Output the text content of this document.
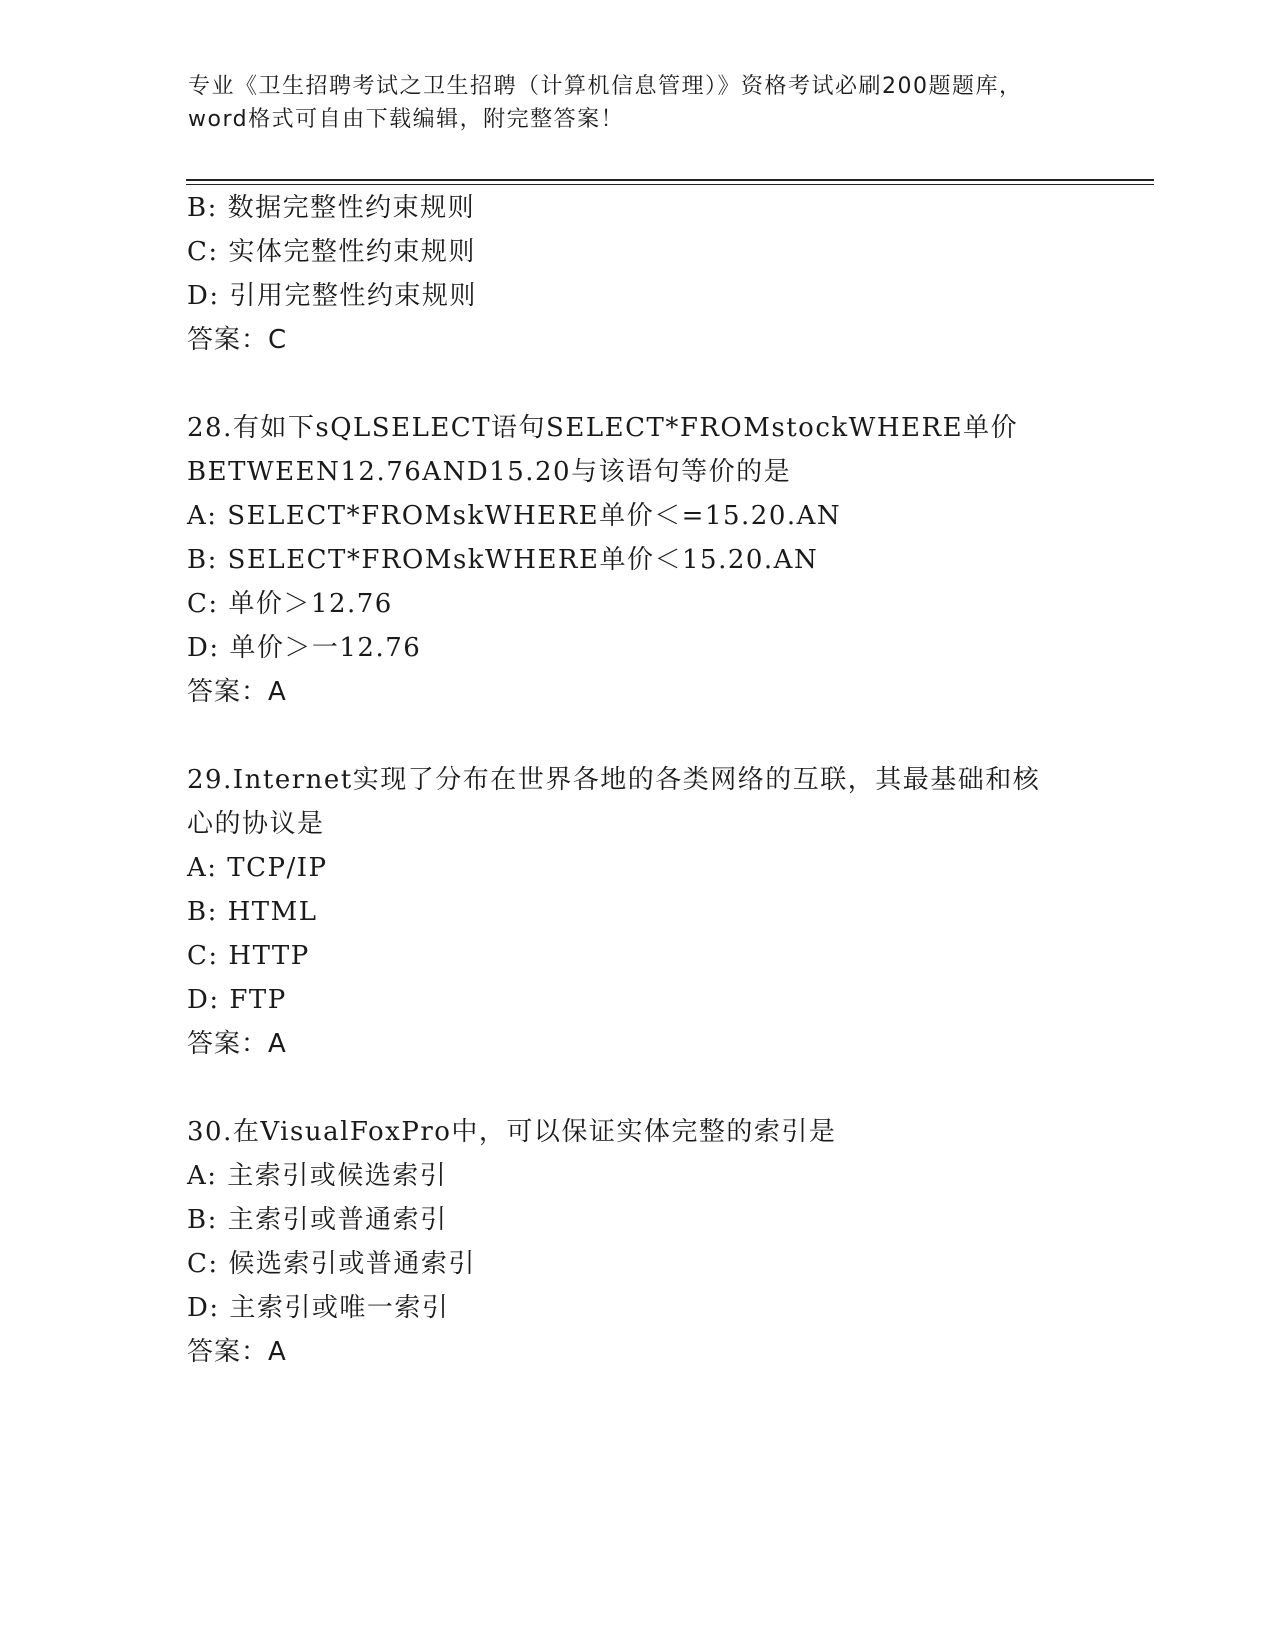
专业《卫生招聘考试之卫生招聘（计算机信息管理）》资格考试必刷200题题库，
word格式可自由下载编辑，附完整答案！
B: 数据完整性约束规则
C: 实体完整性约束规则
D: 引用完整性约束规则
答案：C
28.有如下sQLSELECT语句SELECT*FROMstockWHERE单价
BETWEEN12.76AND15.20与该语句等价的是
A: SELECT*FROMskWHERE单价＜=15.20.AN
B: SELECT*FROMskWHERE单价＜15.20.AN
C: 单价＞12.76
D: 单价＞一12.76
答案：A
29.Internet实现了分布在世界各地的各类网络的互联，其最基础和核
心的协议是
A: TCP/IP
B: HTML
C: HTTP
D: FTP
答案：A
30.在VisualFoxPro中，可以保证实体完整的索引是
A: 主索引或候选索引
B: 主索引或普通索引
C: 候选索引或普通索引
D: 主索引或唯一索引
答案：A
